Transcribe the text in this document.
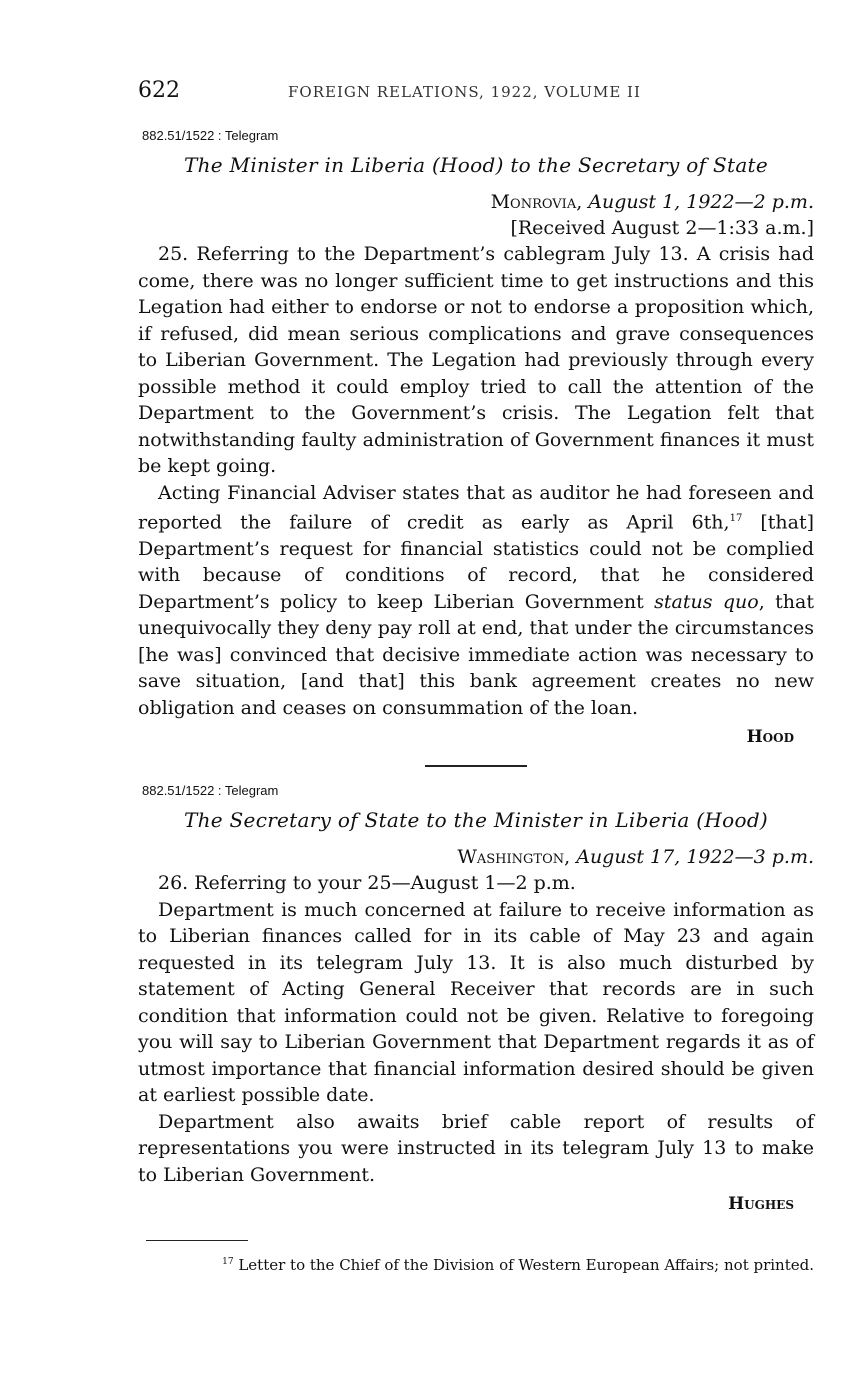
622	FOREIGN RELATIONS, 1922, VOLUME II
882.51/1522 : Telegram
The Minister in Liberia (Hood) to the Secretary of State
Monrovia, August 1, 1922—2 p.m.
[Received August 2—1:33 a.m.]

25. Referring to the Department’s cablegram July 13. A crisis had come, there was no longer sufficient time to get instructions and this Legation had either to endorse or not to endorse a proposition which, if refused, did mean serious complications and grave consequences to Liberian Government. The Legation had previously through every possible method it could employ tried to call the attention of the Department to the Government’s crisis. The Legation felt that notwithstanding faulty administration of Government finances it must be kept going.

Acting Financial Adviser states that as auditor he had foreseen and reported the failure of credit as early as April 6th,$^{17}$ [that] Department’s request for financial statistics could not be complied with because of conditions of record, that he considered Department’s policy to keep Liberian Government status quo, that unequivocally they deny pay roll at end, that under the circumstances [he was] convinced that decisive immediate action was necessary to save situation, [and that] this bank agreement creates no new obligation and ceases on consummation of the loan.

Hood
882.51/1522 : Telegram
The Secretary of State to the Minister in Liberia (Hood)
Washington, August 17, 1922—3 p.m.

26. Referring to your 25—August 1—2 p.m.

Department is much concerned at failure to receive information as to Liberian finances called for in its cable of May 23 and again requested in its telegram July 13. It is also much disturbed by statement of Acting General Receiver that records are in such condition that information could not be given. Relative to foregoing you will say to Liberian Government that Department regards it as of utmost importance that financial information desired should be given at earliest possible date.

Department also awaits brief cable report of results of representations you were instructed in its telegram July 13 to make to Liberian Government.

Hughes
$^{17}$ Letter to the Chief of the Division of Western European Affairs; not printed.
